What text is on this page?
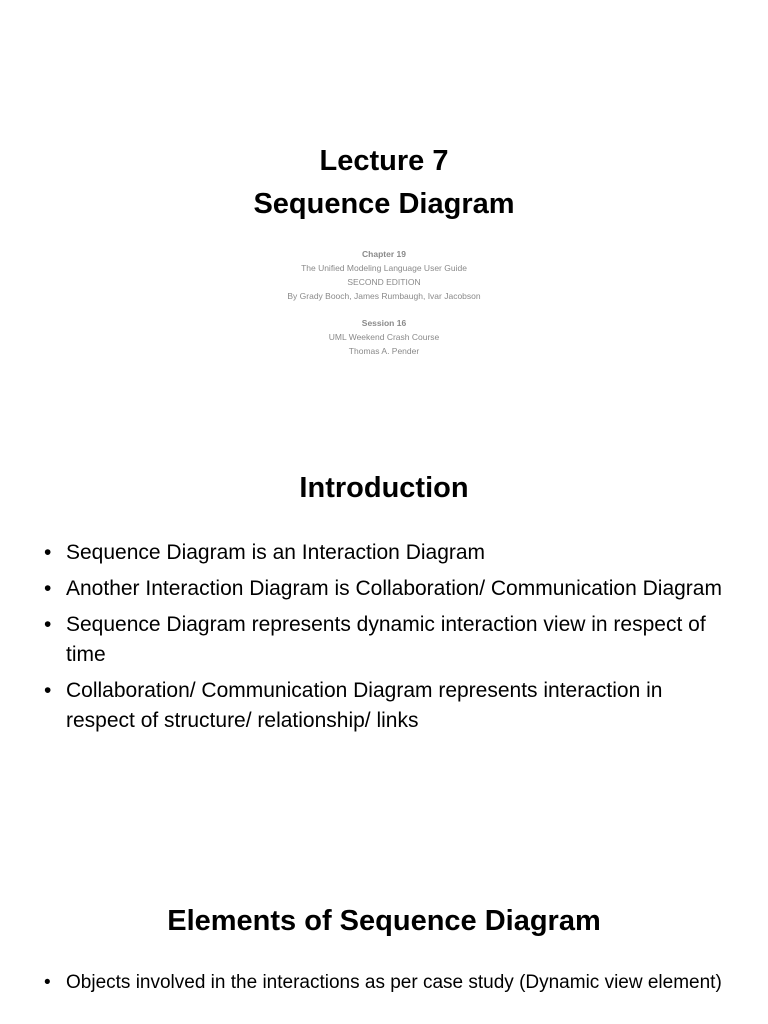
Lecture 7
Sequence Diagram
Chapter 19
The Unified Modeling Language User Guide
SECOND EDITION
By Grady Booch, James Rumbaugh, Ivar Jacobson
Session 16
UML Weekend Crash Course
Thomas A. Pender
Introduction
• Sequence Diagram is an Interaction Diagram
• Another Interaction Diagram is Collaboration/ Communication Diagram
• Sequence Diagram represents dynamic interaction view in respect of time
• Collaboration/ Communication Diagram represents interaction in respect of structure/ relationship/ links
Elements of Sequence Diagram
• Objects involved in the interactions as per case study (Dynamic view element)
